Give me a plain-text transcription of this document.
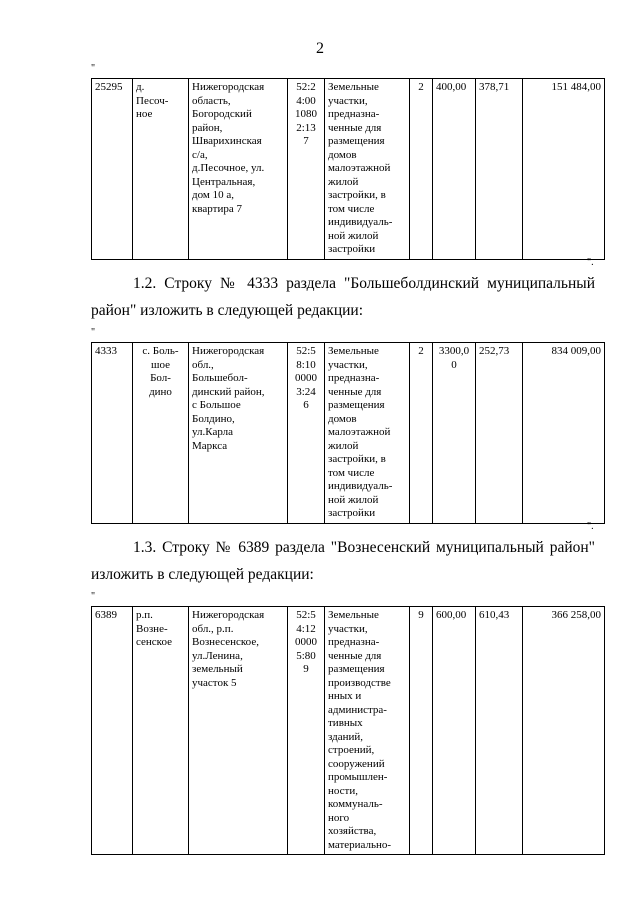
2
"
25295	д.
Песоч-
ное	Нижегородская
область,
Богородский
район,
Шварихинская
с/а,
д.Песочное, ул.
Центральная,
дом 10 а,
квартира 7	52:2
4:00
1080
2:13
7	Земельные
участки,
предназна-
ченные для
размещения
домов
малоэтажной
жилой
застройки, в
том числе
индивидуаль-
ной жилой
застройки	2	400,00	378,71	151 484,00
".
1.2. Строку № 4333 раздела "Большеболдинский муниципальный
район" изложить в следующей редакции:
"
4333	с. Боль-
шое
Бол-
дино	Нижегородская
обл.,
Большебол-
динский район,
с Большое
Болдино,
ул.Карла
Маркса	52:5
8:10
0000
3:24
6	Земельные
участки,
предназна-
ченные для
размещения
домов
малоэтажной
жилой
застройки, в
том числе
индивидуаль-
ной жилой
застройки	2	3300,0
0	252,73	834 009,00
".
1.3. Строку № 6389 раздела "Вознесенский муниципальный район"
изложить в следующей редакции:
"
6389	р.п.
Возне-
сенское	Нижегородская
обл., р.п.
Вознесенское,
ул.Ленина,
земельный
участок 5	52:5
4:12
0000
5:80
9	Земельные
участки,
предназна-
ченные для
размещения
производстве
нных и
администра-
тивных
зданий,
строений,
сооружений
промышлен-
ности,
коммуналь-
ного
хозяйства,
материально-	9	600,00	610,43	366 258,00
